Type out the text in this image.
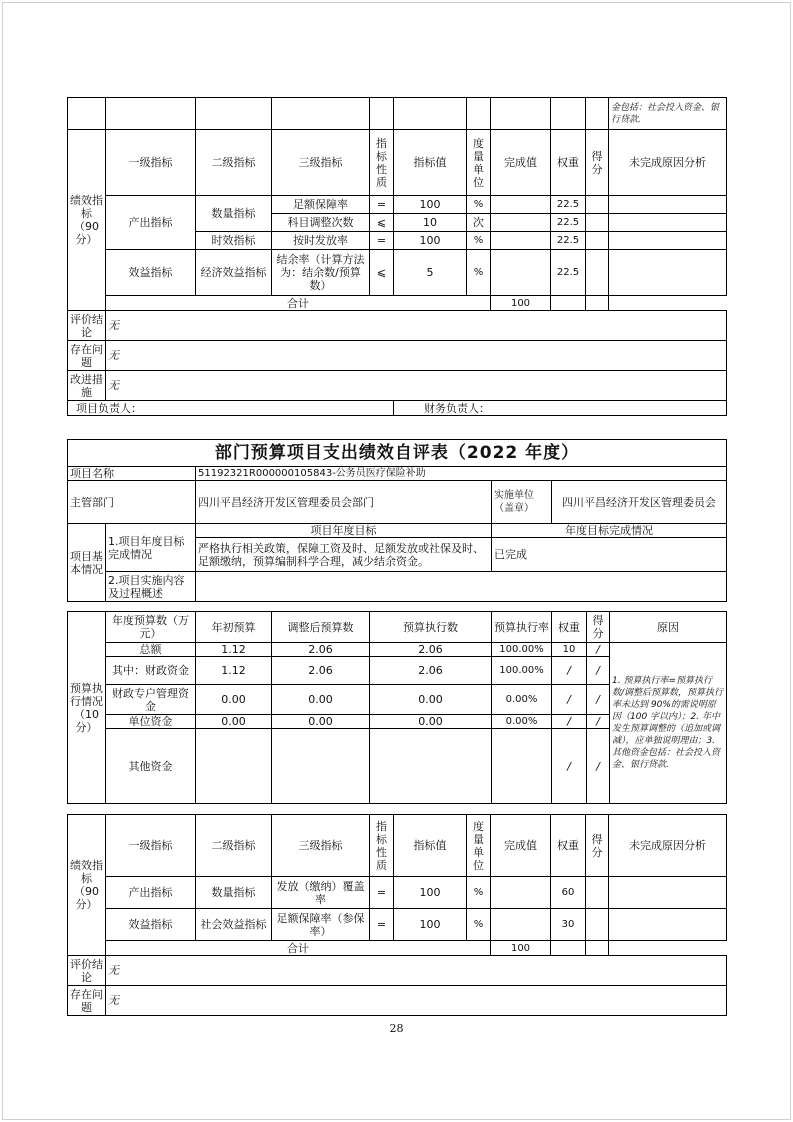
										金包括：社会投入资金、银行贷款.
绩效指标（90分）	一级指标	二级指标	三级指标	指标性质	指标值	度量单位	完成值	权重	得分	未完成原因分析
	产出指标	数量指标	足额保障率	=	100	%		22.5		
			科目调整次数	⩽	10	次		22.5		
		时效指标	按时发放率	=	100	%		22.5		
	效益指标	经济效益指标	结余率（计算方法为：结余数/预算数）	⩽	5	%		22.5		
	合计						100			
评价结论	无									
存在问题	无									
改进措施	无									
项目负责人：					财务负责人：					
部门预算项目支出绩效自评表（2022 年度）				
项目名称		51192321R000000105843-公务员医疗保险补助		
主管部门		四川平昌经济开发区管理委员会部门	实施单位（盖章）	四川平昌经济开发区管理委员会
项目基本情况	1.项目年度目标完成情况	项目年度目标	年度目标完成情况	
		严格执行相关政策，保障工资及时、足额发放或社保及时、足额缴纳，预算编制科学合理，减少结余资金。	已完成	
	2.项目实施内容及过程概述			
预算执行情况（10分）	年度预算数（万元）	年初预算	调整后预算数	预算执行数	预算执行率	权重	得分	原因
	总额	1.12	2.06	2.06	100.00%	10	/	1. 预算执行率=预算执行数/调整后预算数，预算执行率未达到 90%的需说明原因（100 字以内）；2. 年中发生预算调整的（追加或调减），应单独说明理由；3. 其他资金包括：社会投入资金、银行贷款.
	其中：财政资金	1.12	2.06	2.06	100.00%	/	/	
	财政专户管理资金	0.00	0.00	0.00	0.00%	/	/	
	单位资金	0.00	0.00	0.00	0.00%	/	/	
	其他资金					/	/	
绩效指标（90分）	一级指标	二级指标	三级指标	指标性质	指标值	度量单位	完成值	权重	得分	未完成原因分析
	产出指标	数量指标	发放（缴纳）覆盖率	=	100	%		60		
	效益指标	社会效益指标	足额保障率（参保率）	=	100	%		30		
	合计						100			
评价结论	无									
存在问题	无									
28
